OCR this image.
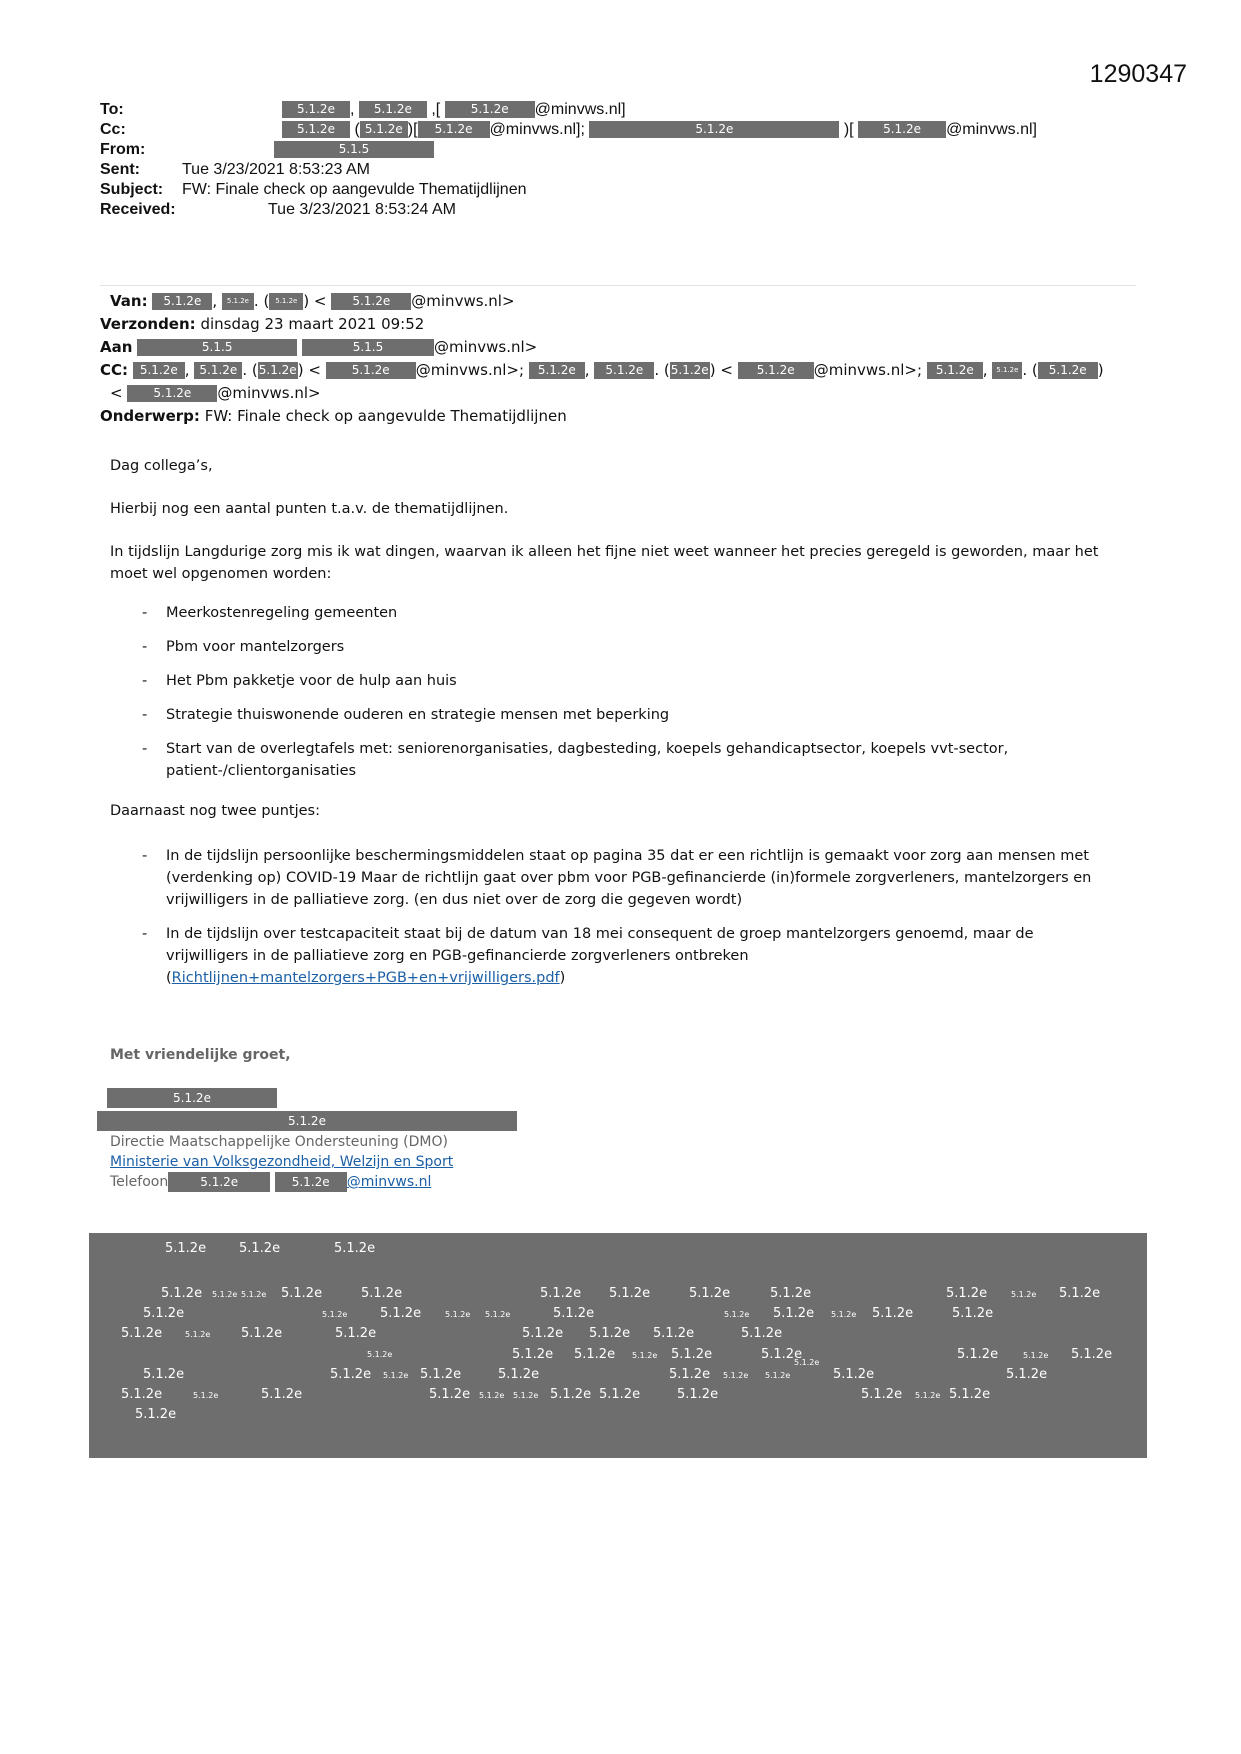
1290347
To:	5.1.2e , 5.1.2e ,[ 5.1.2e @minvws.nl]
Cc:	5.1.2e ( 5.1.2e )[ 5.1.2e @minvws.nl];	5.1.2e	)[ 5.1.2e @minvws.nl]
From:	5.1.5
Sent:	Tue 3/23/2021 8:53:23 AM
Subject: FW: Finale check op aangevulde Thematijdlijnen
Received:	Tue 3/23/2021 8:53:24 AM
Van: 5.1.2e , 5.1.2e . ( 5.1.2e ) < 5.1.2e @minvws.nl>
Verzonden: dinsdag 23 maart 2021 09:52
Aan	5.1.5	5.1.5	@minvws.nl>
CC: 5.1.2e , 5.1.2e . (5.1.2e) < 5.1.2e @minvws.nl>; 5.1.2e , 5.1.2e . (5.1.2e) < 5.1.2e @minvws.nl>; 5.1.2e , 5.1.2e . ( 5.1.2e )
< 5.1.2e @minvws.nl>
Onderwerp: FW: Finale check op aangevulde Thematijdlijnen

Dag collega’s,

Hierbij nog een aantal punten t.a.v. de thematijdlijnen.

In tijdslijn Langdurige zorg mis ik wat dingen, waarvan ik alleen het fijne niet weet wanneer het precies geregeld is geworden, maar het moet wel opgenomen worden:

- Meerkostenregeling gemeenten
- Pbm voor mantelzorgers
- Het Pbm pakketje voor de hulp aan huis
- Strategie thuiswonende ouderen en strategie mensen met beperking
- Start van de overlegtafels met: seniorenorganisaties, dagbesteding, koepels gehandicaptsector, koepels vvt-sector, patient-/clientorganisaties

Daarnaast nog twee puntjes:

- In de tijdslijn persoonlijke beschermingsmiddelen staat op pagina 35 dat er een richtlijn is gemaakt voor zorg aan mensen met (verdenking op) COVID-19 Maar de richtlijn gaat over pbm voor PGB-gefinancierde (in)formele zorgverleners, mantelzorgers en vrijwilligers in de palliatieve zorg. (en dus niet over de zorg die gegeven wordt)
- In de tijdslijn over testcapaciteit staat bij de datum van 18 mei consequent de groep mantelzorgers genoemd, maar de vrijwilligers in de palliatieve zorg en PGB-gefinancierde zorgverleners ontbreken (Richtlijnen+mantelzorgers+PGB+en+vrijwilligers.pdf)
Met vriendelijke groet,
5.1.2e
5.1.2e
Directie Maatschappelijke Ondersteuning (DMO)
Ministerie van Volksgezondheid, Welzijn en Sport
Telefoon	5.1.2e	5.1.2e @minvws.nl
5.1.2e	5.1.2e	5.1.2e
5.1.2e 5.1.2e 5.1.2e 5.1.2e	5.1.2e	5.1.2e 5.1.2e	5.1.2e	5.1.2e	5.1.2e	5.1.2e 5.1.2e
5.1.2e	5.1.2e	5.1.2e	5.1.2e 5.1.2e	5.1.2e	5.1.2e 5.1.2e 5.1.2e 5.1.2e	5.1.2e
5.1.2e	5.1.2e 5.1.2e	5.1.2e	5.1.2e 5.1.2e 5.1.2e	5.1.2e
5.1.2e	5.1.2e 5.1.2e 5.1.2e 5.1.2e	5.1.2e
5.1.2e
5.1.2e	5.1.2e 5.1.2e
5.1.2e	5.1.2e 5.1.2e 5.1.2e	5.1.2e	5.1.2e 5.1.2e 5.1.2e	5.1.2e	5.1.2e
5.1.2e	5.1.2e	5.1.2e	5.1.2e 5.1.2e 5.1.2e 5.1.2e 5.1.2e	5.1.2e	5.1.2e 5.1.2e 5.1.2e
5.1.2e
